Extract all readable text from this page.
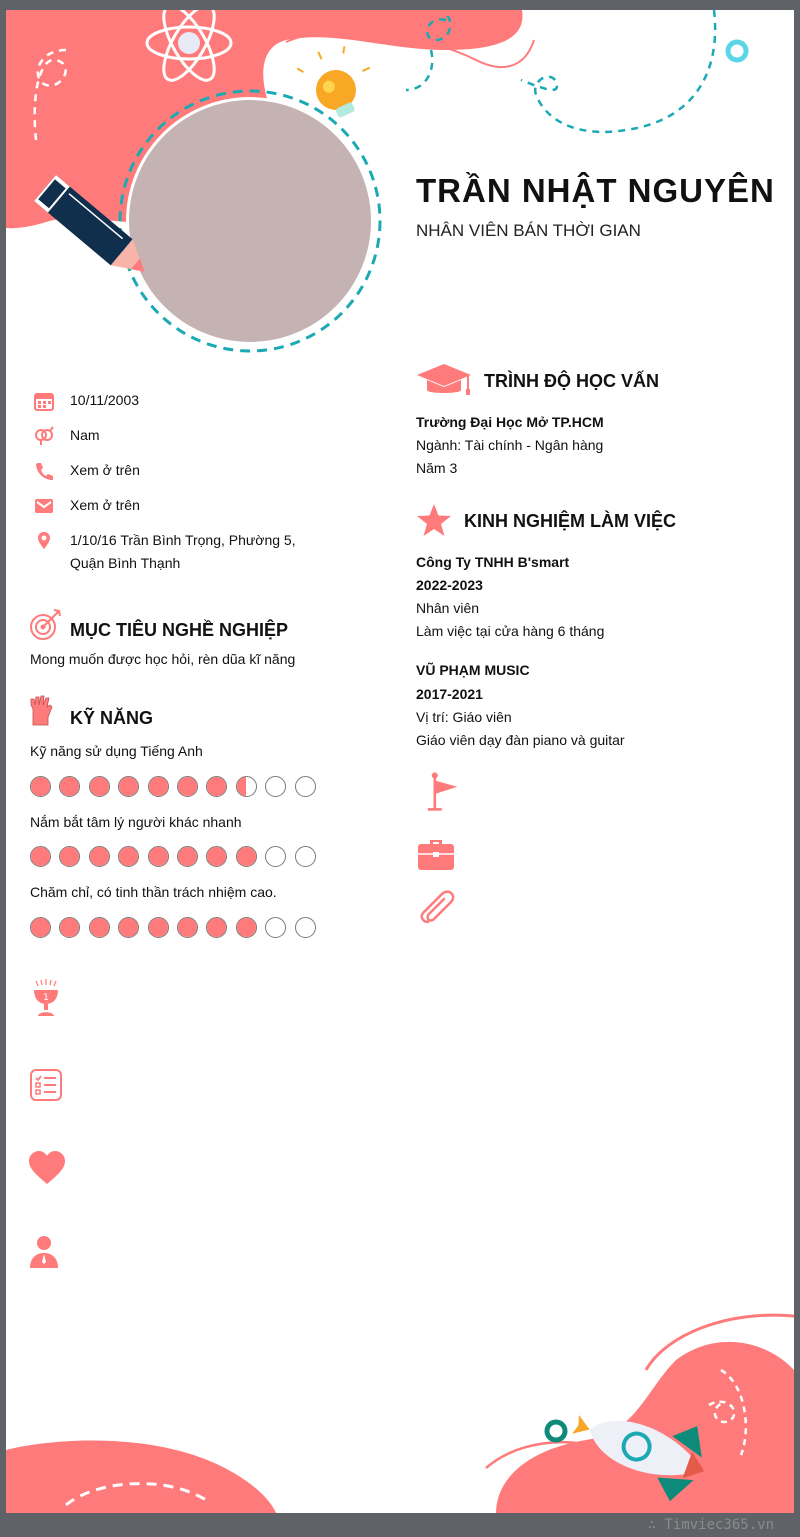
TRẦN NHẬT NGUYÊN
NHÂN VIÊN BÁN THỜI GIAN
10/11/2003
Nam
Xem ở trên
Xem ở trên
1/10/16 Trần Bình Trọng, Phường 5, Quận Bình Thạnh
MỤC TIÊU NGHỀ NGHIỆP
Mong muốn được học hỏi, rèn dũa kĩ năng
KỸ NĂNG
Kỹ năng sử dụng Tiếng Anh
Nắm bắt tâm lý người khác nhanh
Chăm chỉ, có tinh thần trách nhiệm cao.
1
TRÌNH ĐỘ HỌC VẤN
Trường Đại Học Mở TP.HCM
Ngành: Tài chính - Ngân hàng
Năm 3
KINH NGHIỆM LÀM VIỆC
Công Ty TNHH B'smart
2022-2023
Nhân viên
Làm việc tại cửa hàng 6 tháng
VŨ PHẠM MUSIC
2017-2021
Vị trí: Giáo viên
Giáo viên dạy đàn piano và guitar
∴ Timviec365.vn
